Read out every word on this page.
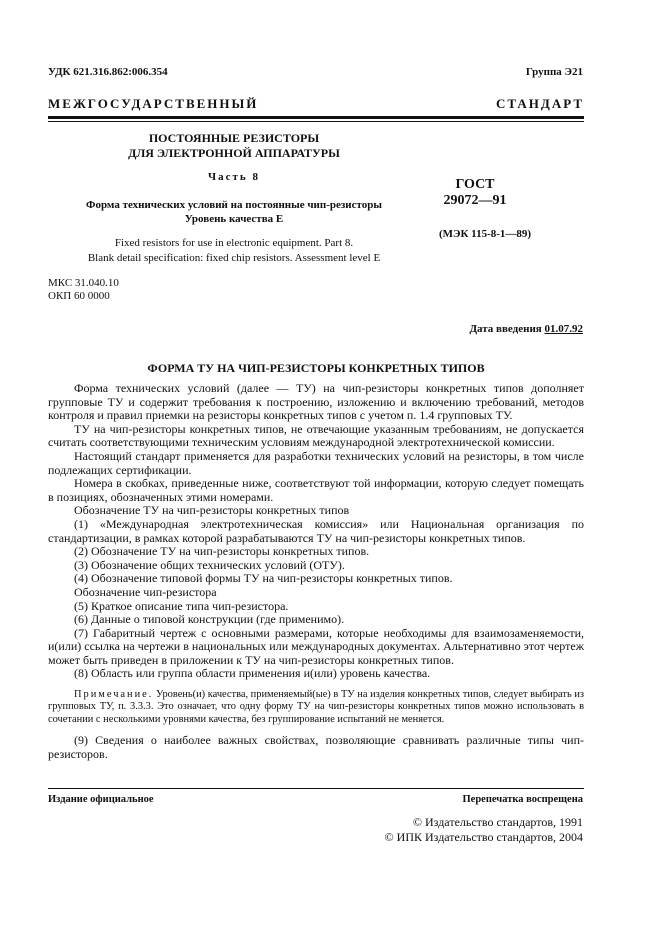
УДК 621.316.862:006.354	Группа Э21
МЕЖГОСУДАРСТВЕННЫЙ СТАНДАРТ
ПОСТОЯННЫЕ РЕЗИСТОРЫ
ДЛЯ ЭЛЕКТРОННОЙ АППАРАТУРЫ
Часть 8
Форма технических условий на постоянные чип-резисторы
Уровень качества Е
Fixed resistors for use in electronic equipment. Part 8.
Blank detail specification: fixed chip resistors. Assessment level E
ГОСТ
29072—91
(МЭК 115-8-1—89)
МКС 31.040.10
ОКП 60 0000
Дата введения 01.07.92
ФОРМА ТУ НА ЧИП-РЕЗИСТОРЫ КОНКРЕТНЫХ ТИПОВ

Форма технических условий (далее — ТУ) на чип-резисторы конкретных типов дополняет групповые ТУ и содержит требования к построению, изложению и включению требований, методов контроля и правил приемки на резисторы конкретных типов с учетом п. 1.4 групповых ТУ.

ТУ на чип-резисторы конкретных типов, не отвечающие указанным требованиям, не допускается считать соответствующими техническим условиям международной электротехнической комиссии.

Настоящий стандарт применяется для разработки технических условий на резисторы, в том числе подлежащих сертификации.

Номера в скобках, приведенные ниже, соответствуют той информации, которую следует помещать в позициях, обозначенных этими номерами.

Обозначение ТУ на чип-резисторы конкретных типов

(1) «Международная электротехническая комиссия» или Национальная организация по стандартизации, в рамках которой разрабатываются ТУ на чип-резисторы конкретных типов.

(2) Обозначение ТУ на чип-резисторы конкретных типов.

(3) Обозначение общих технических условий (ОТУ).

(4) Обозначение типовой формы ТУ на чип-резисторы конкретных типов.

Обозначение чип-резистора

(5) Краткое описание типа чип-резистора.

(6) Данные о типовой конструкции (где применимо).

(7) Габаритный чертеж с основными размерами, которые необходимы для взаимозаменяемости, и(или) ссылка на чертежи в национальных или международных документах. Альтернативно этот чертеж может быть приведен в приложении к ТУ на чип-резисторы конкретных типов.

(8) Область или группа области применения и(или) уровень качества.

Примечание. Уровень(и) качества, применяемый(ые) в ТУ на изделия конкретных типов, следует выбирать из групповых ТУ, п. 3.3.3. Это означает, что одну форму ТУ на чип-резисторы конкретных типов можно использовать в сочетании с несколькими уровнями качества, без группирование испытаний не меняется.

(9) Сведения о наиболее важных свойствах, позволяющие сравнивать различные типы чип-резисторов.

Издание официальное	Перепечатка воспрещена
© Издательство стандартов, 1991
© ИПК Издательство стандартов, 2004
